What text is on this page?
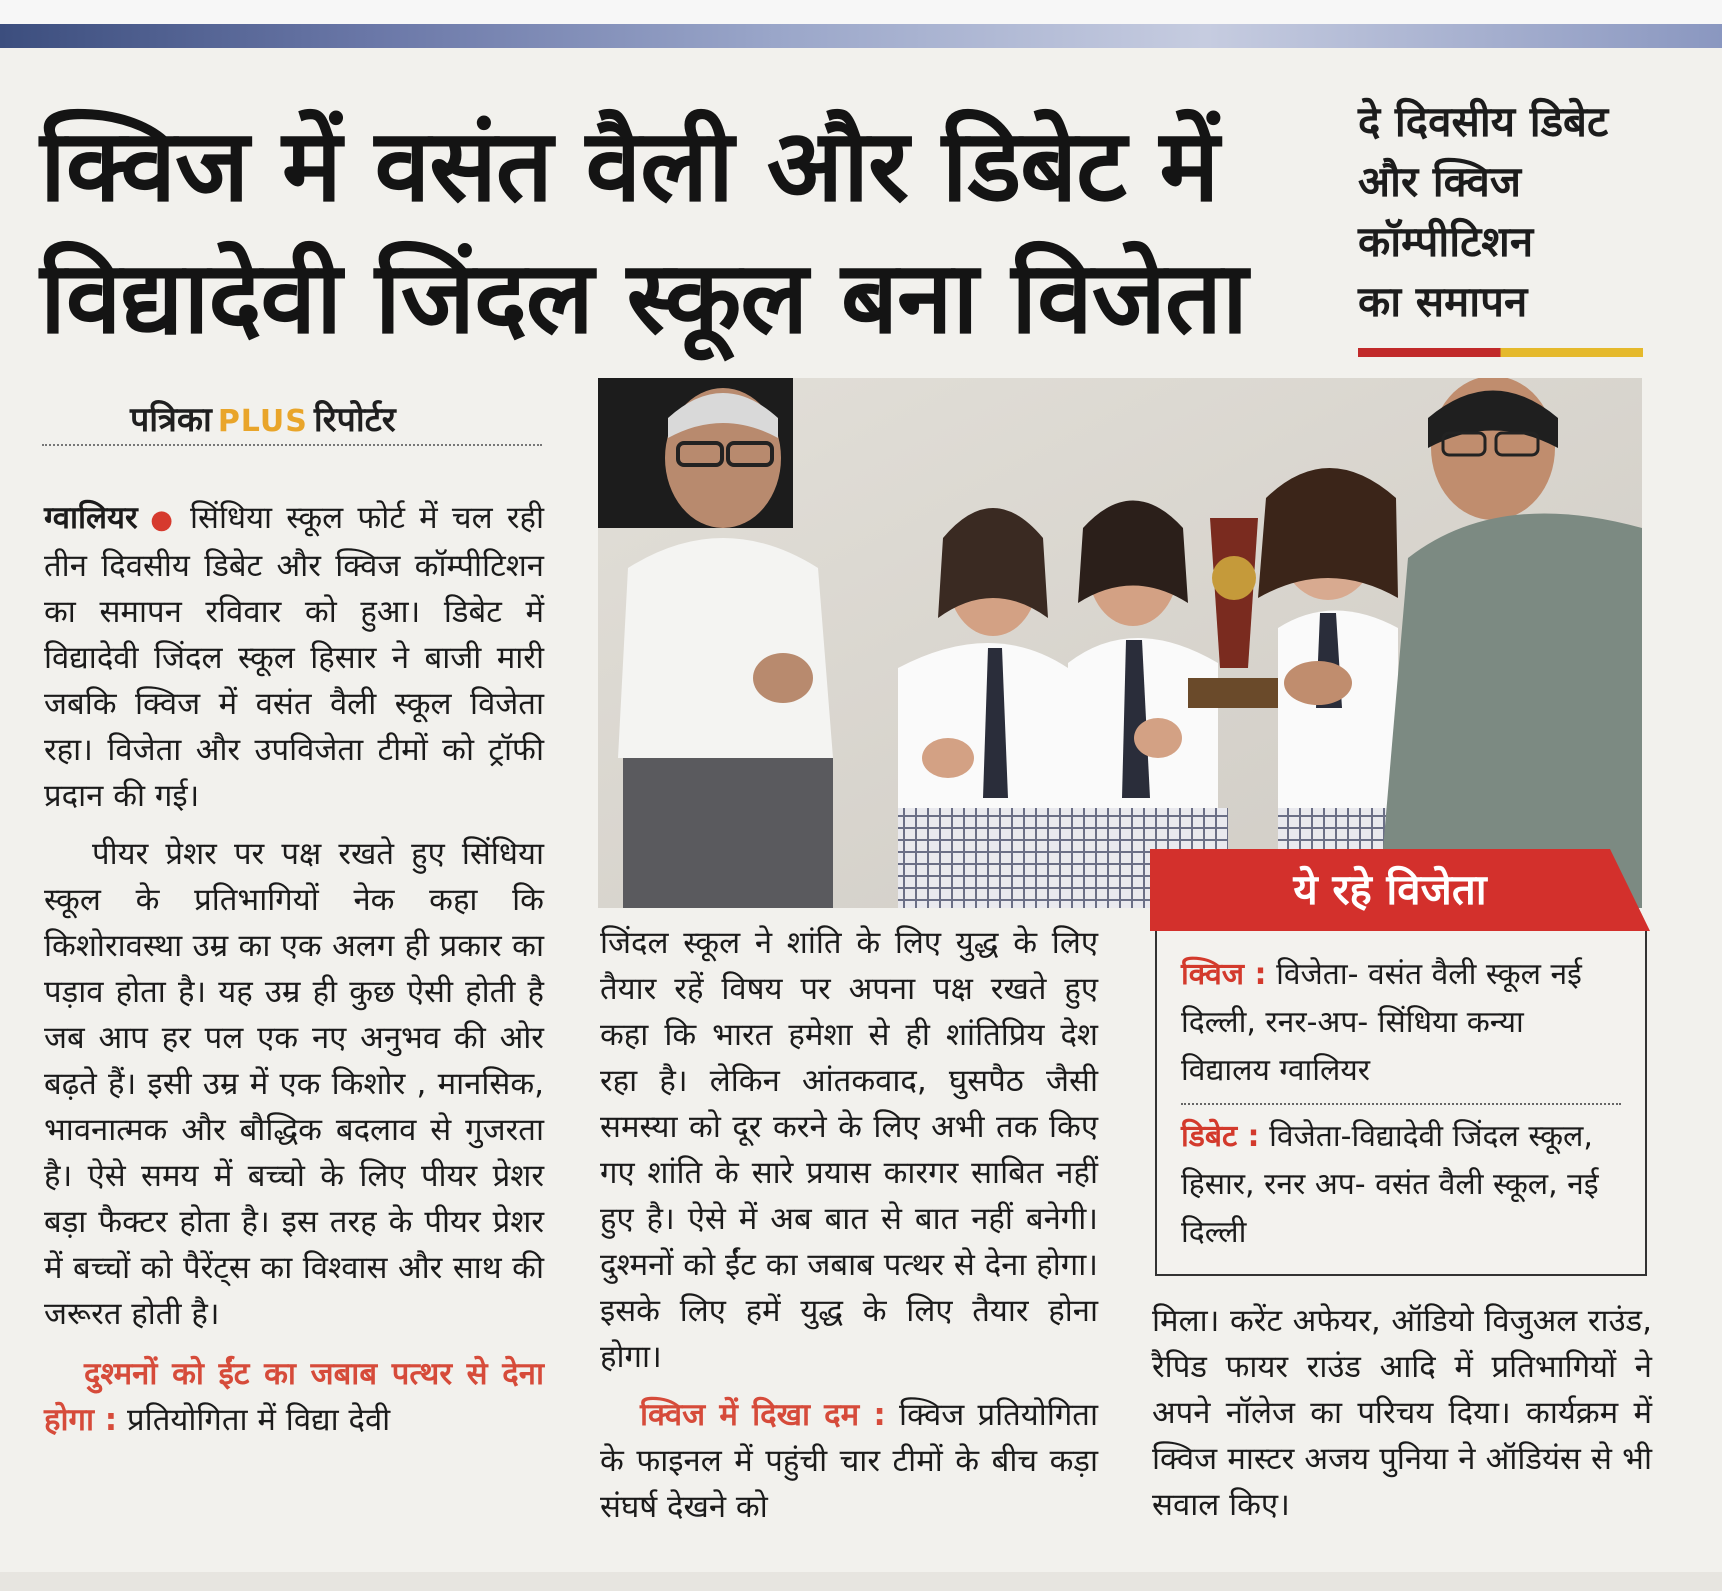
क्विज में वसंत वैली और डिबेट में
विद्यादेवी जिंदल स्कूल बना विजेता
दे दिवसीय डिबेट
और क्विज
कॉम्पीटिशन
का समापन
पत्रिका PLUS रिपोर्टर

ग्वालियर ● सिंधिया स्कूल फोर्ट में चल रही तीन दिवसीय डिबेट और क्विज कॉम्पीटिशन का समापन रविवार को हुआ। डिबेट में विद्यादेवी जिंदल स्कूल हिसार ने बाजी मारी जबकि क्विज में वसंत वैली स्कूल विजेता रहा। विजेता और उपविजेता टीमों को ट्रॉफी प्रदान की गई।

पीयर प्रेशर पर पक्ष रखते हुए सिंधिया स्कूल के प्रतिभागियों नेक कहा कि किशोरावस्था उम्र का एक अलग ही प्रकार का पड़ाव होता है। यह उम्र ही कुछ ऐसी होती है जब आप हर पल एक नए अनुभव की ओर बढ़ते हैं। इसी उम्र में एक किशोर , मानसिक, भावनात्मक और बौद्धिक बदलाव से गुजरता है। ऐसे समय में बच्चो के लिए पीयर प्रेशर बड़ा फैक्टर होता है। इस तरह के पीयर प्रेशर में बच्चों को पैरेंट्स का विश्वास और साथ की जरूरत होती है।

दुश्मनों को ईंट का जबाब पत्थर से देना होगा : प्रतियोगिता में विद्या देवी

जिंदल स्कूल ने शांति के लिए युद्ध के लिए तैयार रहें विषय पर अपना पक्ष रखते हुए कहा कि भारत हमेशा से ही शांतिप्रिय देश रहा है। लेकिन आंतकवाद, घुसपैठ जैसी समस्या को दूर करने के लिए अभी तक किए गए शांति के सारे प्रयास कारगर साबित नहीं हुए है। ऐसे में अब बात से बात नहीं बनेगी। दुश्मनों को ईंट का जबाब पत्थर से देना होगा। इसके लिए हमें युद्ध के लिए तैयार होना होगा।

क्विज में दिखा दम : क्विज प्रतियोगिता के फाइनल में पहुंची चार टीमों के बीच कड़ा संघर्ष देखने को

ये रहे विजेता

क्विज : विजेता- वसंत वैली स्कूल नई दिल्ली, रनर-अप- सिंधिया कन्या विद्यालय ग्वालियर

डिबेट : विजेता-विद्यादेवी जिंदल स्कूल, हिसार, रनर अप- वसंत वैली स्कूल, नई दिल्ली

मिला। करेंट अफेयर, ऑडियो विजुअल राउंड, रैपिड फायर राउंड आदि में प्रतिभागियों ने अपने नॉलेज का परिचय दिया। कार्यक्रम में क्विज मास्टर अजय पुनिया ने ऑडियंस से भी सवाल किए।
